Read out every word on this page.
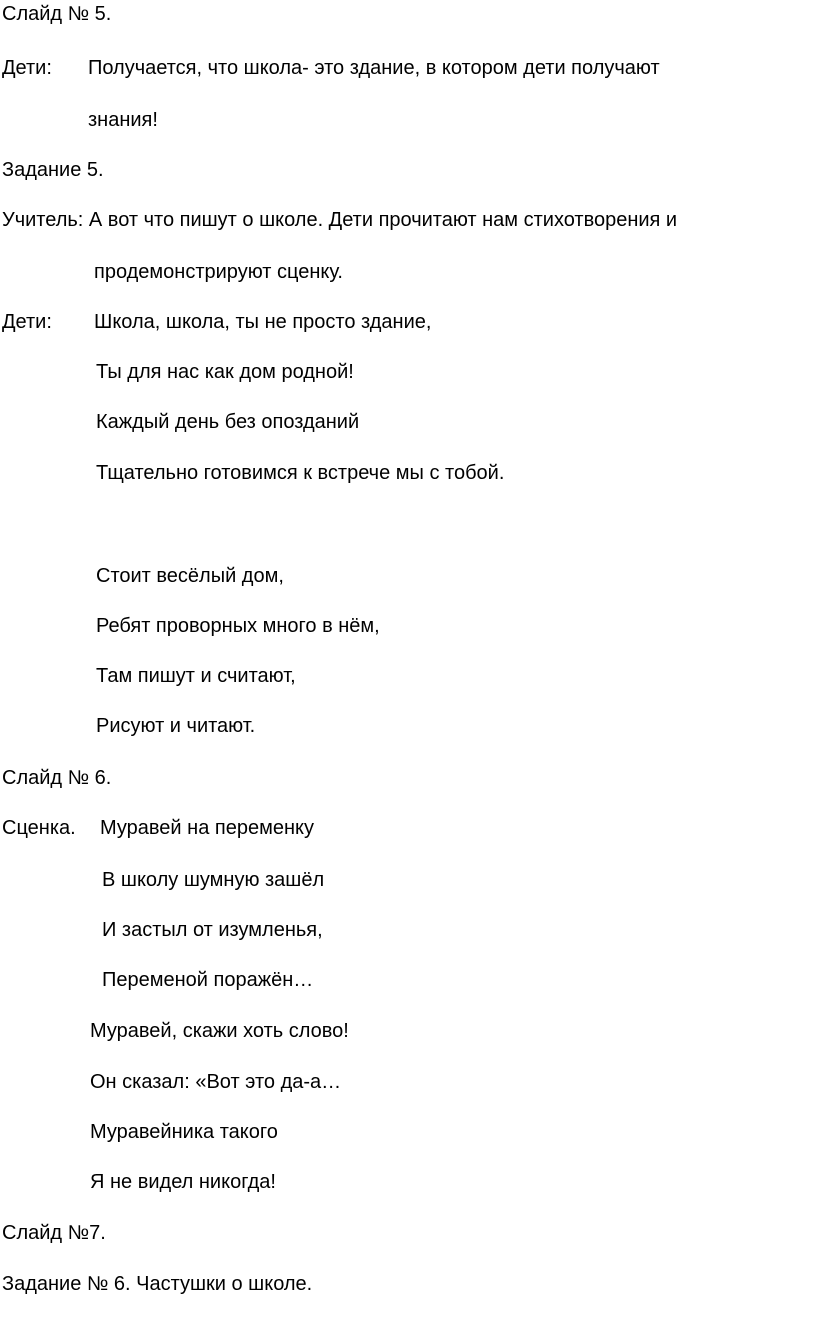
Слайд № 5.

Дети: Получается, что школа- это здание, в котором дети получают

знания!

Задание 5.

Учитель: А вот что пишут о школе. Дети прочитают нам стихотворения и

продемонстрируют сценку.

Дети: Школа, школа, ты не просто здание,

Ты для нас как дом родной!

Каждый день без опозданий

Тщательно готовимся к встрече мы с тобой.

Стоит весёлый дом,

Ребят проворных много в нём,

Там пишут и считают,

Рисуют и читают.

Слайд № 6.

Сценка. Муравей на переменку

В школу шумную зашёл

И застыл от изумленья,

Переменой поражён…

Муравей, скажи хоть слово!

Он сказал: «Вот это да-а…

Муравейника такого

Я не видел никогда!

Слайд №7.

Задание № 6. Частушки о школе.
